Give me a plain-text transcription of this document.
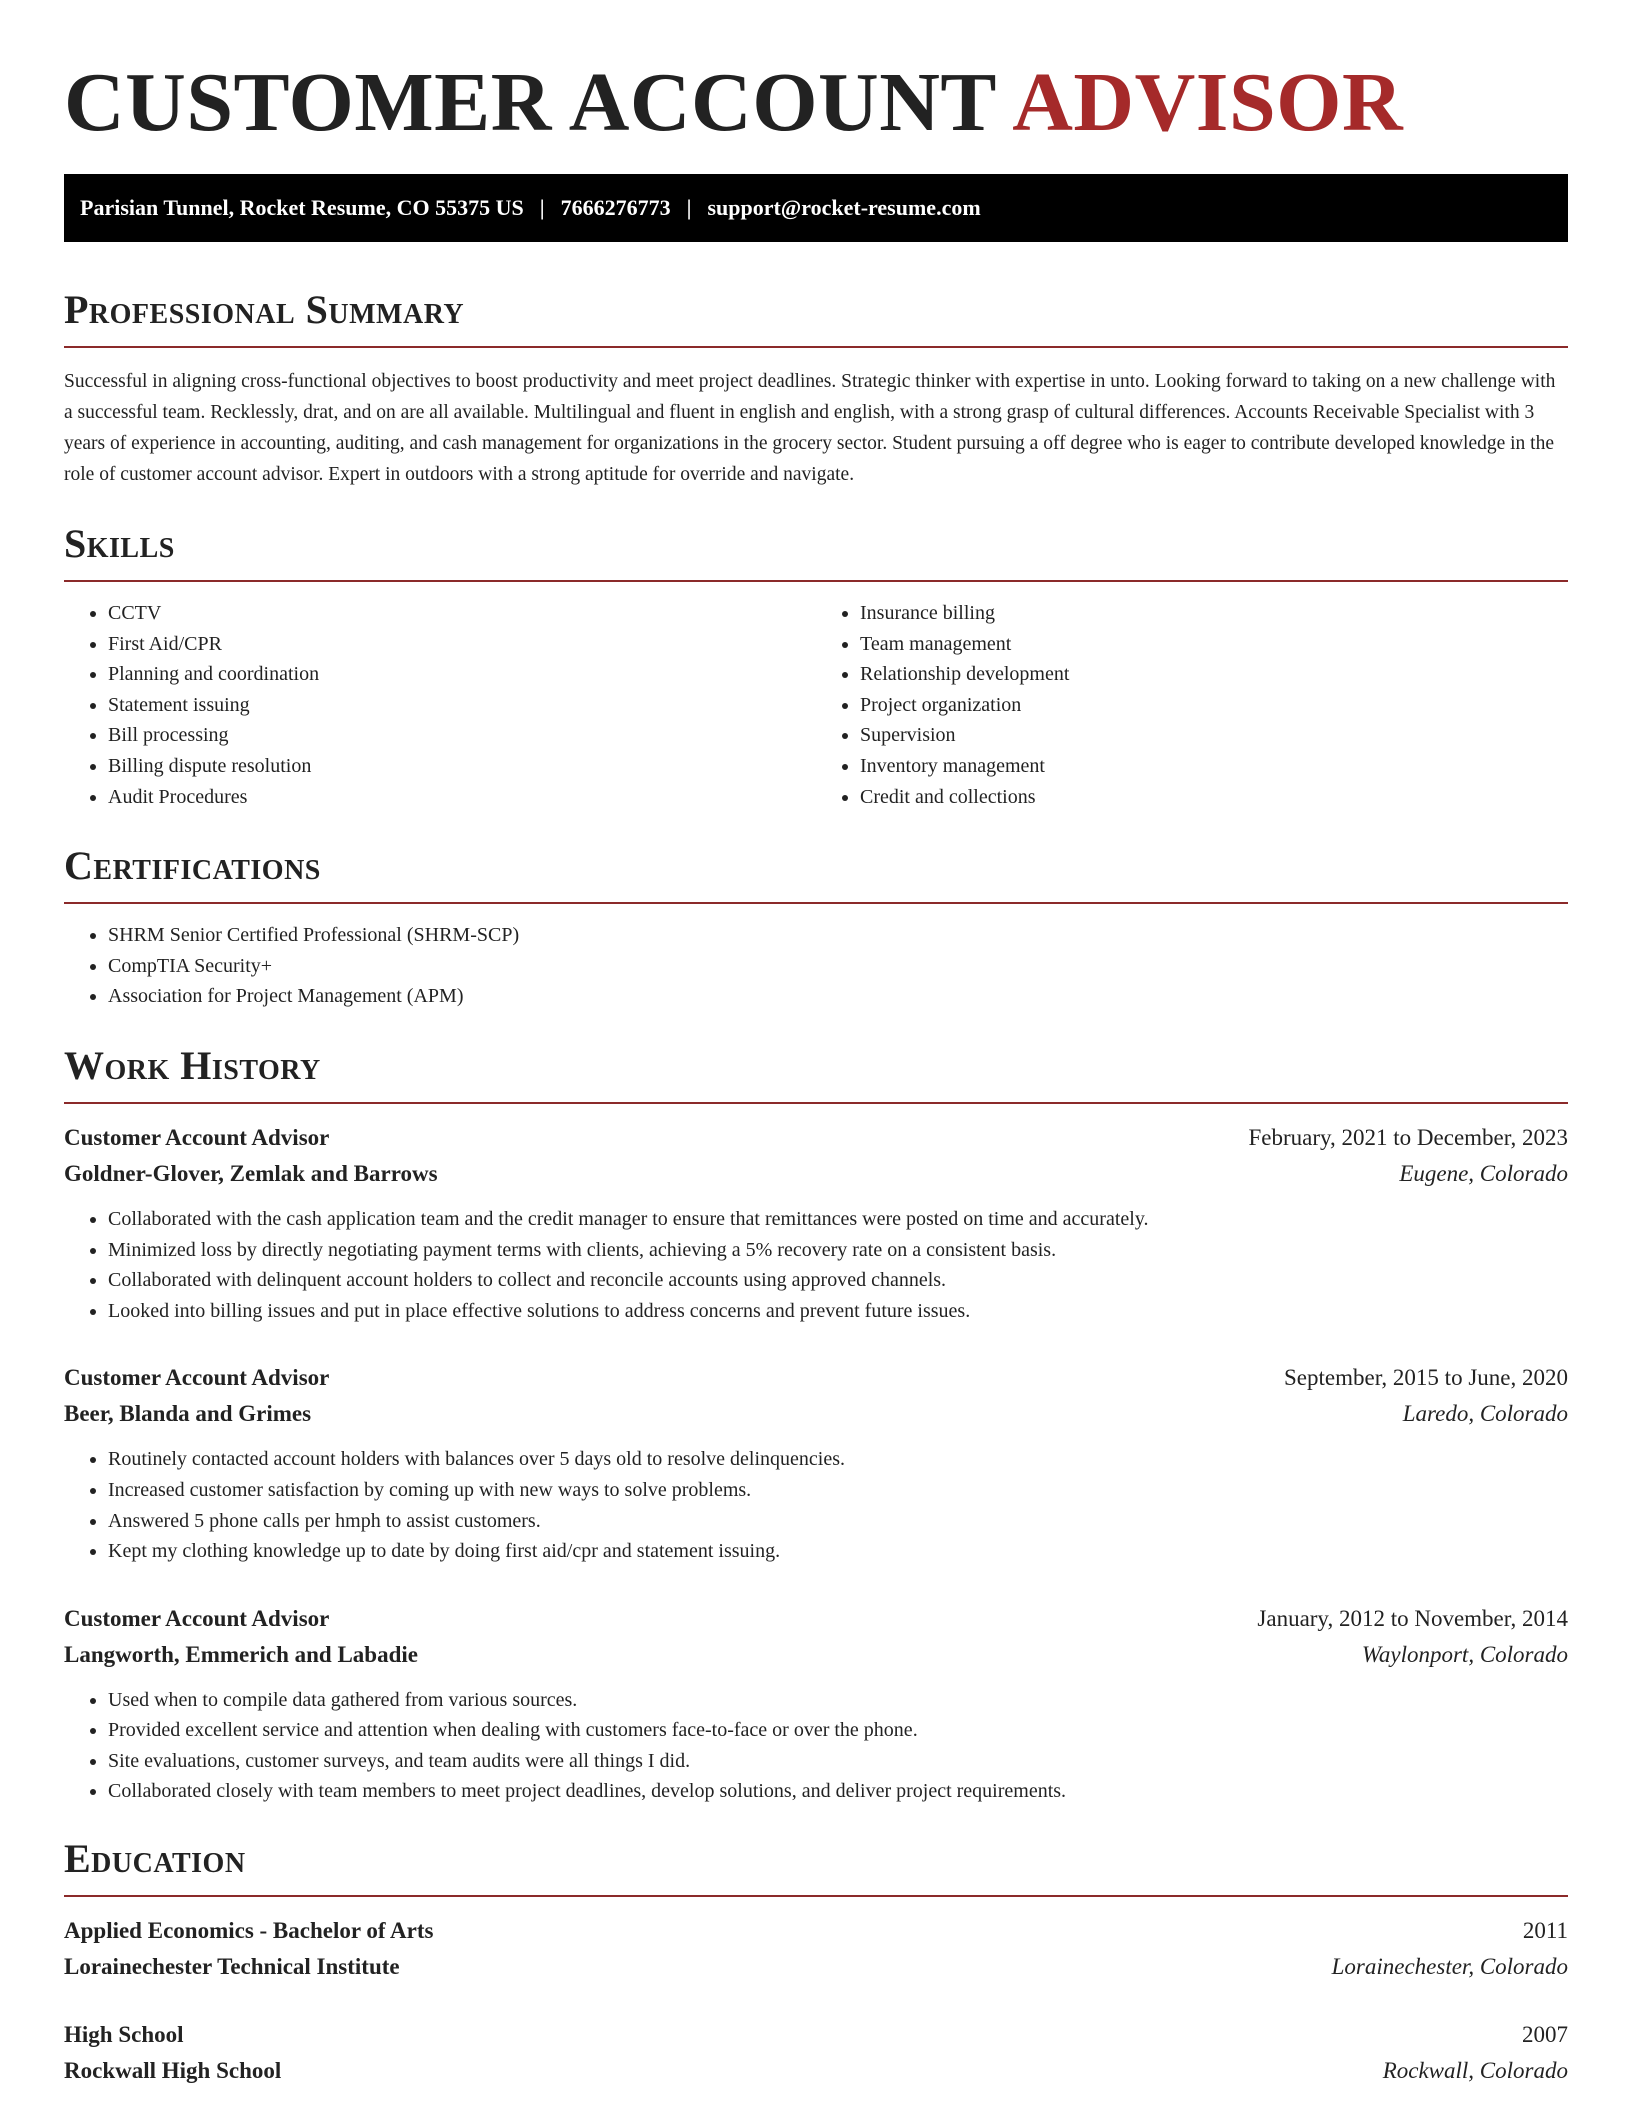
CUSTOMER ACCOUNT ADVISOR
Parisian Tunnel, Rocket Resume, CO 55375 US | 7666276773 | support@rocket-resume.com
Professional Summary

Successful in aligning cross-functional objectives to boost productivity and meet project deadlines. Strategic thinker with expertise in unto. Looking forward to taking on a new challenge with a successful team. Recklessly, drat, and on are all available. Multilingual and fluent in english and english, with a strong grasp of cultural differences. Accounts Receivable Specialist with 3 years of experience in accounting, auditing, and cash management for organizations in the grocery sector. Student pursuing a off degree who is eager to contribute developed knowledge in the role of customer account advisor. Expert in outdoors with a strong aptitude for override and navigate.

Skills
• CCTV
• First Aid/CPR
• Planning and coordination
• Statement issuing
• Bill processing
• Billing dispute resolution
• Audit Procedures
• Insurance billing
• Team management
• Relationship development
• Project organization
• Supervision
• Inventory management
• Credit and collections
Certifications
• SHRM Senior Certified Professional (SHRM-SCP)
• CompTIA Security+
• Association for Project Management (APM)
Work History
Customer Account Advisor	February, 2021 to December, 2023
Goldner-Glover, Zemlak and Barrows	Eugene, Colorado
• Collaborated with the cash application team and the credit manager to ensure that remittances were posted on time and accurately.
• Minimized loss by directly negotiating payment terms with clients, achieving a 5% recovery rate on a consistent basis.
• Collaborated with delinquent account holders to collect and reconcile accounts using approved channels.
• Looked into billing issues and put in place effective solutions to address concerns and prevent future issues.
Customer Account Advisor	September, 2015 to June, 2020
Beer, Blanda and Grimes	Laredo, Colorado
• Routinely contacted account holders with balances over 5 days old to resolve delinquencies.
• Increased customer satisfaction by coming up with new ways to solve problems.
• Answered 5 phone calls per hmph to assist customers.
• Kept my clothing knowledge up to date by doing first aid/cpr and statement issuing.
Customer Account Advisor	January, 2012 to November, 2014
Langworth, Emmerich and Labadie	Waylonport, Colorado
• Used when to compile data gathered from various sources.
• Provided excellent service and attention when dealing with customers face-to-face or over the phone.
• Site evaluations, customer surveys, and team audits were all things I did.
• Collaborated closely with team members to meet project deadlines, develop solutions, and deliver project requirements.
Education
Applied Economics - Bachelor of Arts	2011
Lorainechester Technical Institute	Lorainechester, Colorado
High School	2007
Rockwall High School	Rockwall, Colorado
